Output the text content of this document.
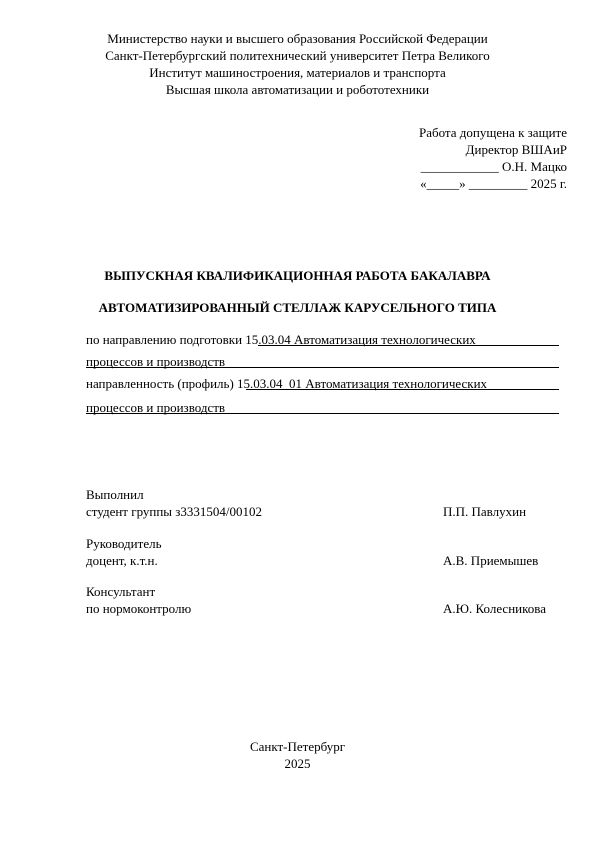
Министерство науки и высшего образования Российской Федерации
Санкт-Петербургский политехнический университет Петра Великого
Институт машиностроения, материалов и транспорта
Высшая школа автоматизации и робототехники
Работа допущена к защите
Директор ВШАиР
____________ О.Н. Мацко
«_____» _________ 2025 г.
ВЫПУСКНАЯ КВАЛИФИКАЦИОННАЯ РАБОТА БАКАЛАВРА
АВТОМАТИЗИРОВАННЫЙ СТЕЛЛАЖ КАРУСЕЛЬНОГО ТИПА
по направлению подготовки 15.03.04 Автоматизация технологических
процессов и производств
направленность (профиль) 15.03.04_01 Автоматизация технологических
процессов и производств
Выполнил
студент группы з3331504/00102	П.П. Павлухин
Руководитель
доцент, к.т.н.	А.В. Приемышев
Консультант
по нормоконтролю	А.Ю. Колесникова
Санкт-Петербург
2025
